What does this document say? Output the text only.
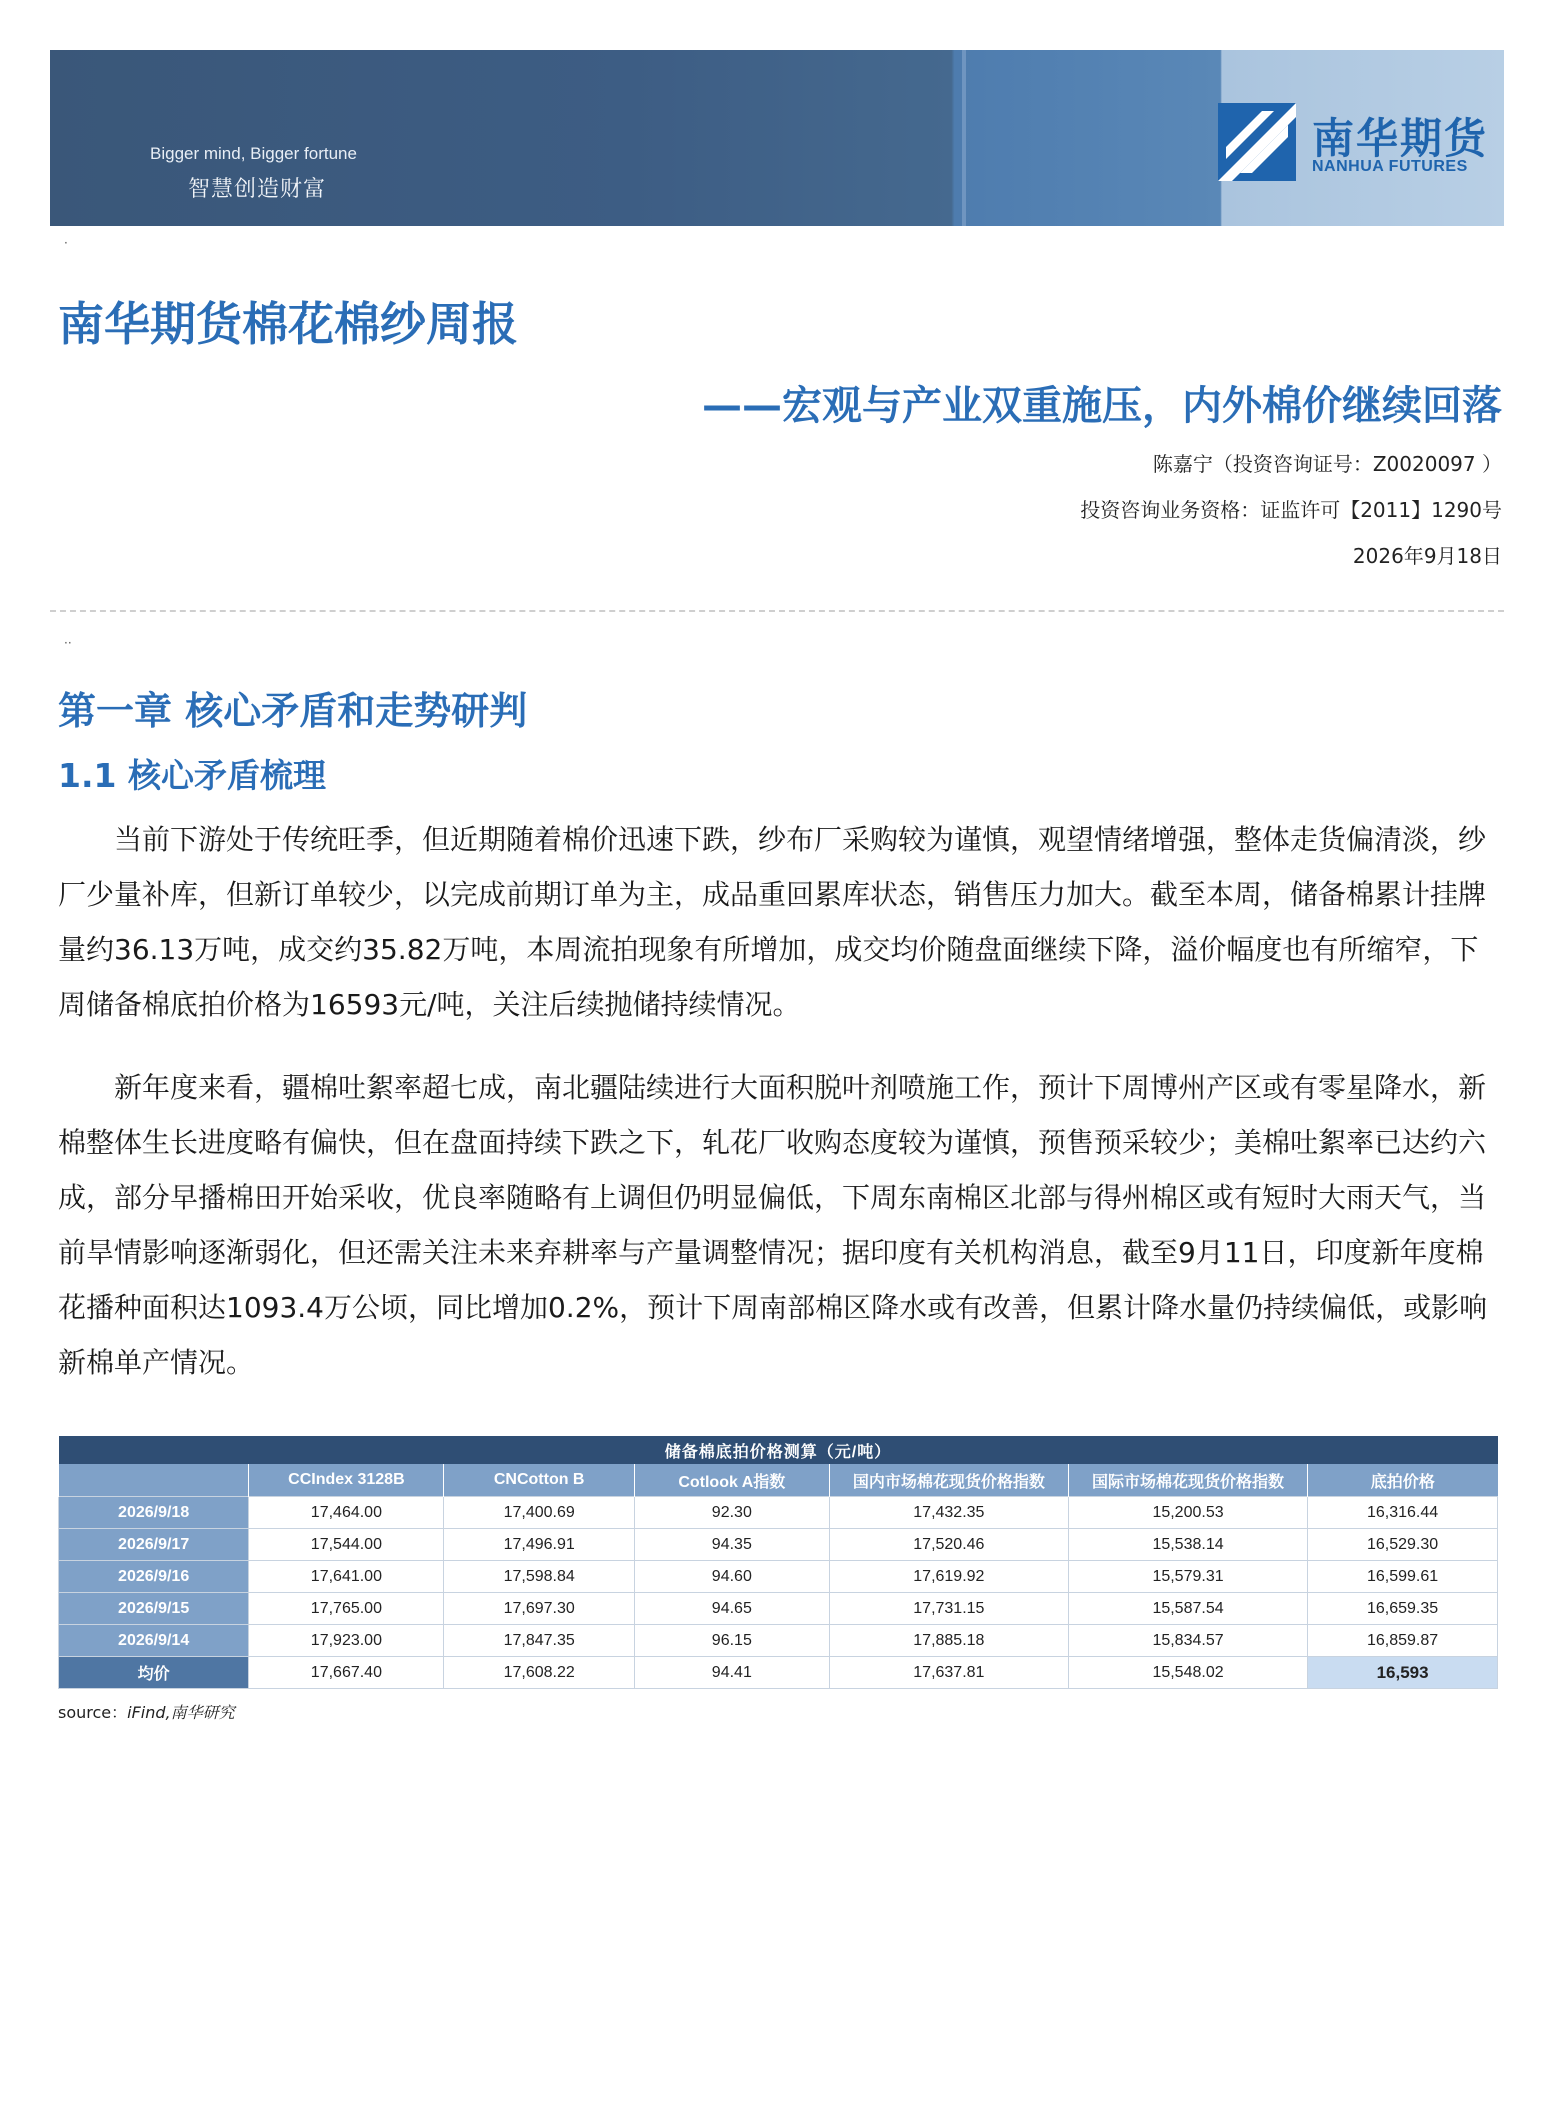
Bigger mind, Bigger fortune
智慧创造财富
南华期货
NANHUA FUTURES
·
南华期货棉花棉纱周报
——宏观与产业双重施压，内外棉价继续回落
陈嘉宁（投资咨询证号：Z0020097 ）
投资咨询业务资格：证监许可【2011】1290号
2026年9月18日
··
第一章 核心矛盾和走势研判
1.1 核心矛盾梳理

当前下游处于传统旺季，但近期随着棉价迅速下跌，纱布厂采购较为谨慎，观望情绪增强，整体走货偏清淡，纱厂少量补库，但新订单较少，以完成前期订单为主，成品重回累库状态，销售压力加大。截至本周，储备棉累计挂牌量约36.13万吨，成交约35.82万吨，本周流拍现象有所增加，成交均价随盘面继续下降，溢价幅度也有所缩窄，下周储备棉底拍价格为16593元/吨，关注后续抛储持续情况。

新年度来看，疆棉吐絮率超七成，南北疆陆续进行大面积脱叶剂喷施工作，预计下周博州产区或有零星降水，新棉整体生长进度略有偏快，但在盘面持续下跌之下，轧花厂收购态度较为谨慎，预售预采较少；美棉吐絮率已达约六成，部分早播棉田开始采收，优良率随略有上调但仍明显偏低，下周东南棉区北部与得州棉区或有短时大雨天气，当前旱情影响逐渐弱化，但还需关注未来弃耕率与产量调整情况；据印度有关机构消息，截至9月11日，印度新年度棉花播种面积达1093.4万公顷，同比增加0.2%，预计下周南部棉区降水或有改善，但累计降水量仍持续偏低，或影响新棉单产情况。

储备棉底拍价格测算（元/吨）						
	CCIndex 3128B	CNCotton B	Cotlook A指数	国内市场棉花现货价格指数	国际市场棉花现货价格指数	底拍价格
2026/9/18	17,464.00	17,400.69	92.30	17,432.35	15,200.53	16,316.44
2026/9/17	17,544.00	17,496.91	94.35	17,520.46	15,538.14	16,529.30
2026/9/16	17,641.00	17,598.84	94.60	17,619.92	15,579.31	16,599.61
2026/9/15	17,765.00	17,697.30	94.65	17,731.15	15,587.54	16,659.35
2026/9/14	17,923.00	17,847.35	96.15	17,885.18	15,834.57	16,859.87
均价	17,667.40	17,608.22	94.41	17,637.81	15,548.02	16,593
source：iFind,南华研究
